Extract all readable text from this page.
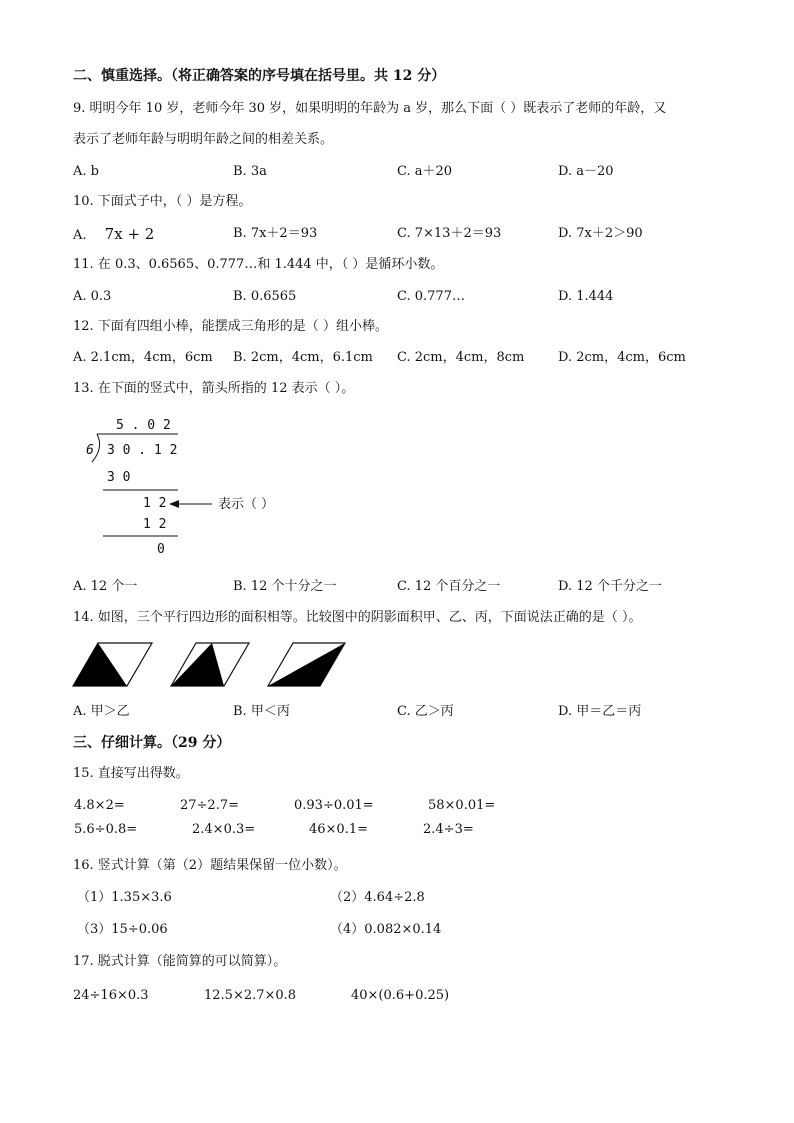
二、慎重选择。（将正确答案的序号填在括号里。共 12 分）
9. 明明今年 10 岁，老师今年 30 岁，如果明明的年龄为 a 岁，那么下面（ ）既表示了老师的年龄，又
表示了老师年龄与明明年龄之间的相差关系。
A. b	B. 3a	C. a＋20	D. a－20
10. 下面式子中，（ ）是方程。
A. 7x + 2	B. 7x＋2＝93	C. 7×13＋2＝93	D. 7x＋2＞90
11. 在 0.3、0.6565、0.777…和 1.444 中，（ ）是循环小数。
A. 0.3	B. 0.6565	C. 0.777…	D. 1.444
12. 下面有四组小棒，能摆成三角形的是（ ）组小棒。
A. 2.1cm，4cm，6cm B. 2cm，4cm，6.1cm C. 2cm，4cm，8cm	D. 2cm，4cm，6cm
13. 在下面的竖式中，箭头所指的 12 表示（ ）。
5 . 0 2
6 3 0 . 1 2
3 0
1 2	表示（ ）
1 2
0
A. 12 个一	B. 12 个十分之一	C. 12 个百分之一	D. 12 个千分之一
14. 如图，三个平行四边形的面积相等。比较图中的阴影面积甲、乙、丙，下面说法正确的是（ ）。
A. 甲＞乙	B. 甲＜丙	C. 乙＞丙	D. 甲＝乙＝丙
三、仔细计算。（29 分）
15. 直接写出得数。
4.8×2=	27÷2.7=	0.93÷0.01=	58×0.01=
5.6÷0.8=	2.4×0.3=	46×0.1=	2.4÷3=
16. 竖式计算（第（2）题结果保留一位小数）。
（1）1.35×3.6	（2）4.64÷2.8
（3）15÷0.06	（4）0.082×0.14
17. 脱式计算（能简算的可以简算）。
24÷16×0.3	12.5×2.7×0.8	40×(0.6+0.25)
